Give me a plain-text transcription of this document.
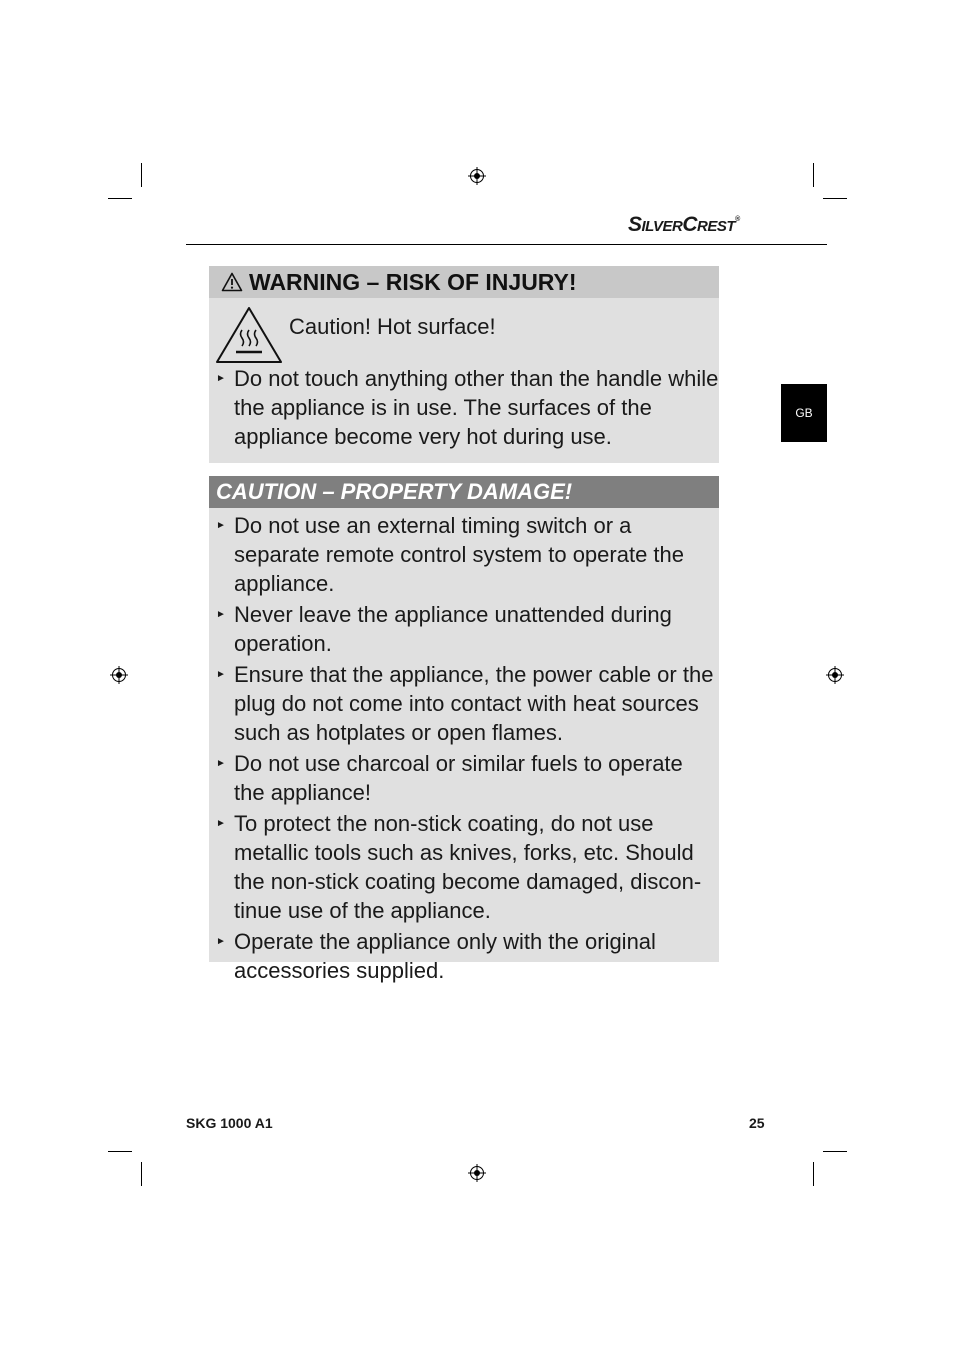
SILVERCREST®
GB
WARNING – RISK OF INJURY!
Caution! Hot surface!
► Do not touch anything other than the handle while the appliance is in use. The surfaces of the appliance become very hot during use.
CAUTION – PROPERTY DAMAGE!
► Do not use an external timing switch or a separate remote control system to operate the appliance.
► Never leave the appliance unattended during operation.
► Ensure that the appliance, the power cable or the plug do not come into contact with heat sources such as hotplates or open flames.
► Do not use charcoal or similar fuels to operate the appliance!
► To protect the non-stick coating, do not use metallic tools such as knives, forks, etc. Should the non-stick coating become damaged, discon-tinue use of the appliance.
► Operate the appliance only with the original accessories supplied.
SKG 1000 A1	25
